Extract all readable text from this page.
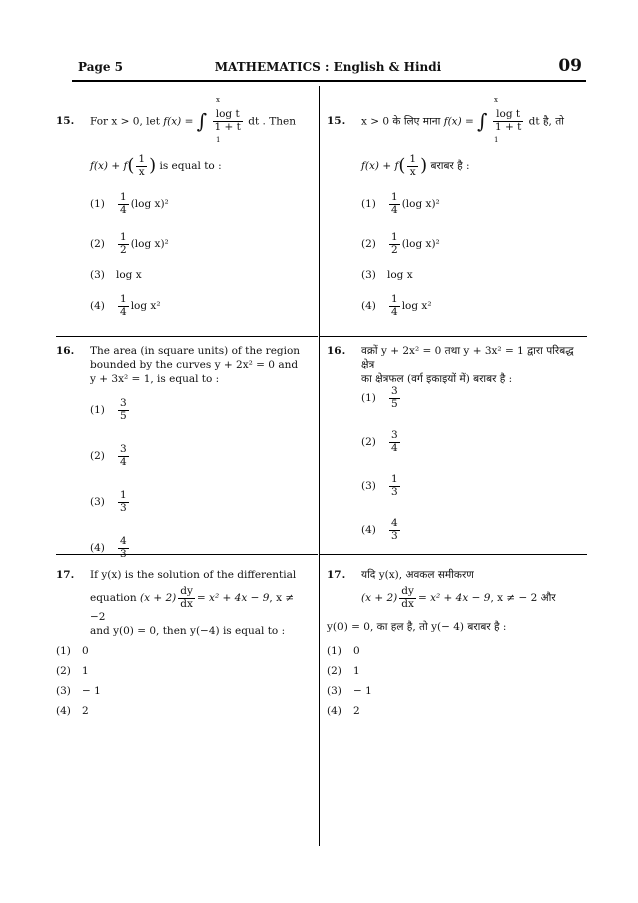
Page 5	MATHEMATICS : English & Hindi	09
15. For x > 0, let f(x) = ∫ $\frac{\text{log t}}{1 + t}$ dt . Then
x
1
$f(x) + f( \frac{1}{x}$ ) is equal to :
$(1) \frac{1}{4} (\log$ x)²
$(2) \frac{1}{2} (\log$ x)²
(3) log x
$(4) \frac{1}{4}$ log x²
16. The area (in square units) of the region
bounded by the curves y + 2x² = 0 and
y + 3x² = 1, is equal to :
$(1) \frac{3}{5}$
$(2) \frac{3}{4}$
$(3) \frac{1}{3}$
$(4) \frac{4}{3}$
17. If y(x) is the solution of the differential
equation $(x + 2) \frac{dy}{dx} = x^2 + 4x - 9$, x ≠ −2
and y(0) = 0, then y(−4) is equal to :
(1) 0
(2) 1
(3) − 1
(4) 2
15. x > 0 के लिए माना f(x) = ∫ $\frac{\text{log t}}{1 + t}$ dt है, तो
x
1
$f(x) + f( \frac{1}{x}$ ) बराबर है :
$(1) \frac{1}{4} (\log$ x)²
$(2) \frac{1}{2} (\log$ x)²
(3) log x
$(4) \frac{1}{4}$ log x²
16. वक्रों y + 2x² = 0 तथा y + 3x² = 1 द्वारा परिबद्ध क्षेत्र
का क्षेत्रफल (वर्ग इकाइयों में) बराबर है :
$(1) \frac{3}{5}$
$(2) \frac{3}{4}$
$(3) \frac{1}{3}$
$(4) \frac{4}{3}$
17. यदि y(x), अवकल समीकरण
$(x + 2) \frac{dy}{dx} = x^2 + 4x - 9$, x ≠ − 2 और
y(0) = 0, का हल है, तो y(− 4) बराबर है :
(1) 0
(2) 1
(3) − 1
(4) 2
